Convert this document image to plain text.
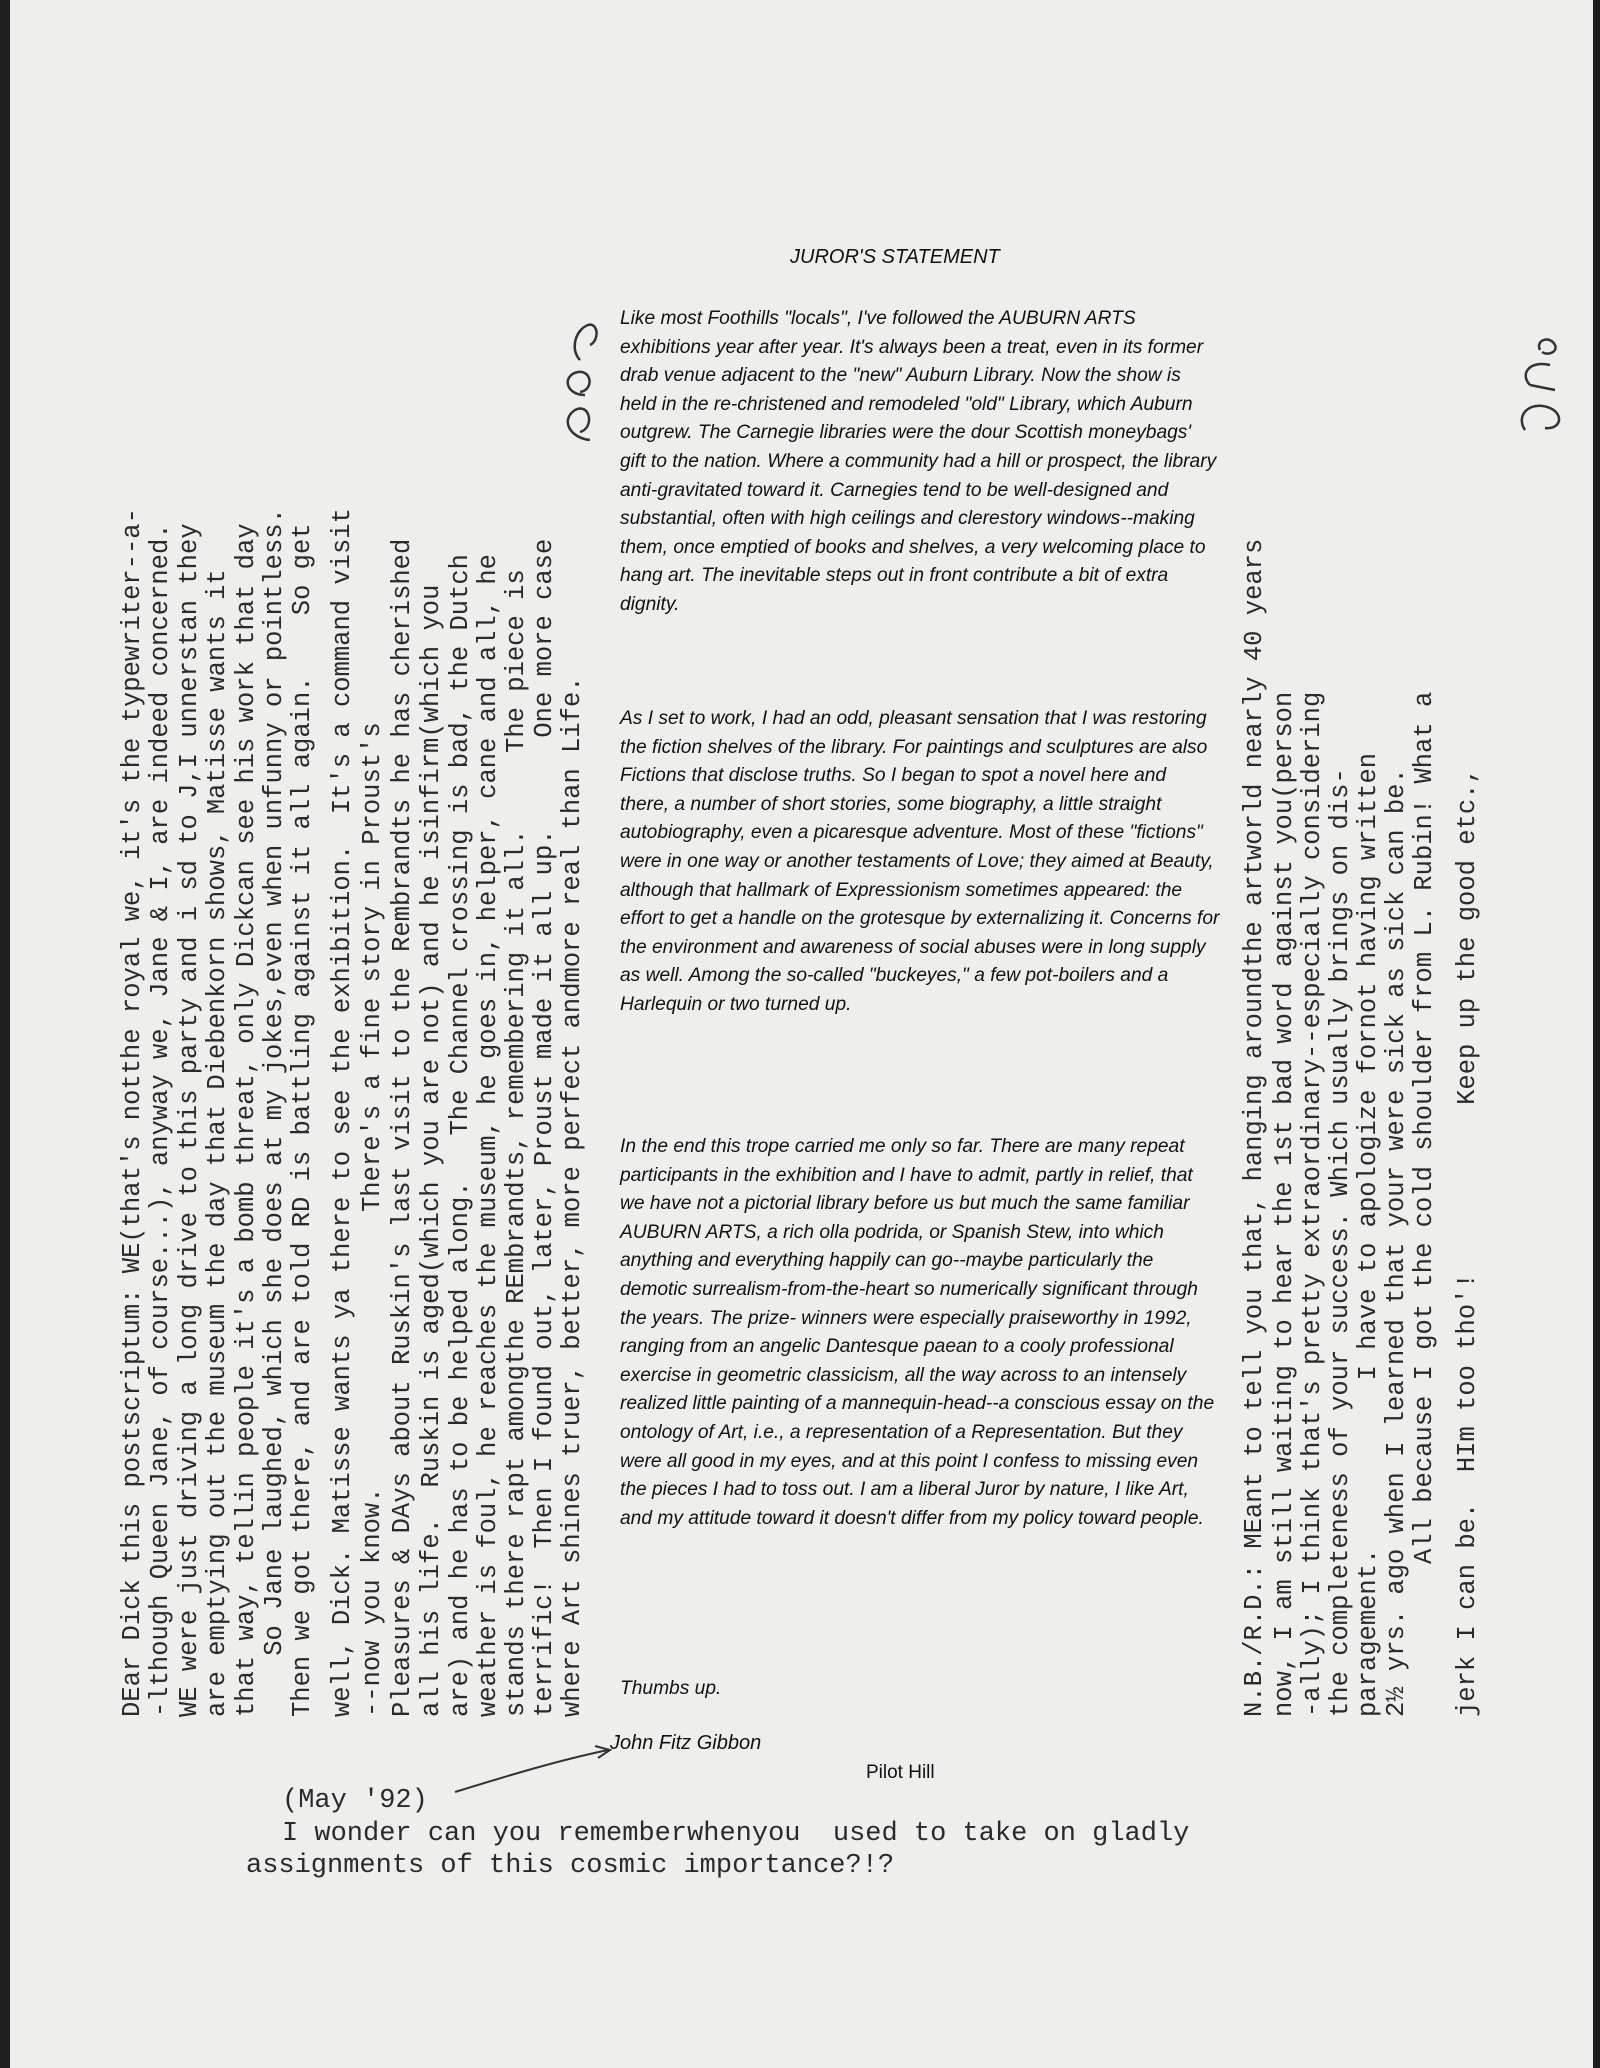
DEar Dick this postscriptum: WE(that's notthe royal we, it's the typewriter--a- -lthough Queen Jane, of course...), anyway we, Jane & I, are indeed concerned. WE were just driving a long drive to this party and i sd to J,I unnerstan they are emptying out the museum the day that Diebenkorn shows, Matisse wants it that way, tellin people it's a bomb threat, only Dickcan see his work that day So Jane laughed, which she does at my jokes,even when unfunny or pointless. Then we got there, and are told RD is battling against it all again.    So get well, Dick. Matisse wants ya there to see the exhibition.  It's a command visit --now you know.                  There's a fine story in Proust's Pleasures & DAys about Ruskin's last visit to the Rembrandts he has cherished all his life.  Ruskin is aged(which you are not) and he isinfirm(which you are) and he has to be helped along.   The Channel crossing is bad, the Dutch weather is foul, he reaches the museum, he goes in, helper, cane and all, he stands there rapt amongthe REmbrandts, remembering it all.     The piece is terrific!  Then I found out, later, Proust made it all up.      One more case where Art shines truer, better, more perfect andmore real than Life.
JUROR'S STATEMENT

Like most Foothills "locals", I've followed the AUBURN ARTS exhibitions year after year. It's always been a treat, even in its former drab venue adjacent to the "new" Auburn Library. Now the show is held in the re-christened and remodeled "old" Library, which Auburn outgrew. The Carnegie libraries were the dour Scottish moneybags' gift to the nation. Where a community had a hill or prospect, the library anti-gravitated toward it. Carnegies tend to be well-designed and substantial, often with high ceilings and clerestory windows--making them, once emptied of books and shelves, a very welcoming place to hang art. The inevitable steps out in front contribute a bit of extra dignity.

As I set to work, I had an odd, pleasant sensation that I was restoring the fiction shelves of the library. For paintings and sculptures are also Fictions that disclose truths. So I began to spot a novel here and there, a number of short stories, some biography, a little straight autobiography, even a picaresque adventure. Most of these "fictions" were in one way or another testaments of Love; they aimed at Beauty, although that hallmark of Expressionism sometimes appeared: the effort to get a handle on the grotesque by externalizing it. Concerns for the environment and awareness of social abuses were in long supply as well. Among the so-called "buckeyes," a few pot-boilers and a Harlequin or two turned up.

In the end this trope carried me only so far. There are many repeat participants in the exhibition and I have to admit, partly in relief, that we have not a pictorial library before us but much the same familiar AUBURN ARTS, a rich olla podrida, or Spanish Stew, into which anything and everything happily can go--maybe particularly the demotic surrealism-from-the-heart so numerically significant through the years. The prize- winners were especially praiseworthy in 1992, ranging from an angelic Dantesque paean to a cooly professional exercise in geometric classicism, all the way across to an intensely realized little painting of a mannequin-head--a conscious essay on the ontology of Art, i.e., a representation of a Representation. But they were all good in my eyes, and at this point I confess to missing even the pieces I had to toss out. I am a liberal Juror by nature, I like Art, and my attitude toward it doesn't differ from my policy toward people.

Thumbs up.

John Fitz Gibbon
Pilot Hill
N.B./R.D.: MEant to tell you that, hanging aroundthe artworld nearly 40 years now, I am still waiting to hear the 1st bad word against you(person -ally); I think that's pretty extraordinary--especially considering the completeness of your success. Which usually brings on dis- paragement.           I have to apologize fornot having written 2½ yrs. ago when I learned that your were sick as sick can be. All because I got the cold shoulder from L. Rubin! What a jerk I can be.  HIm too tho'!           Keep up the good etc.,
(May '92)
I wonder can you rememberwhenyou  used to take on gladly
assignments of this cosmic importance?!?
